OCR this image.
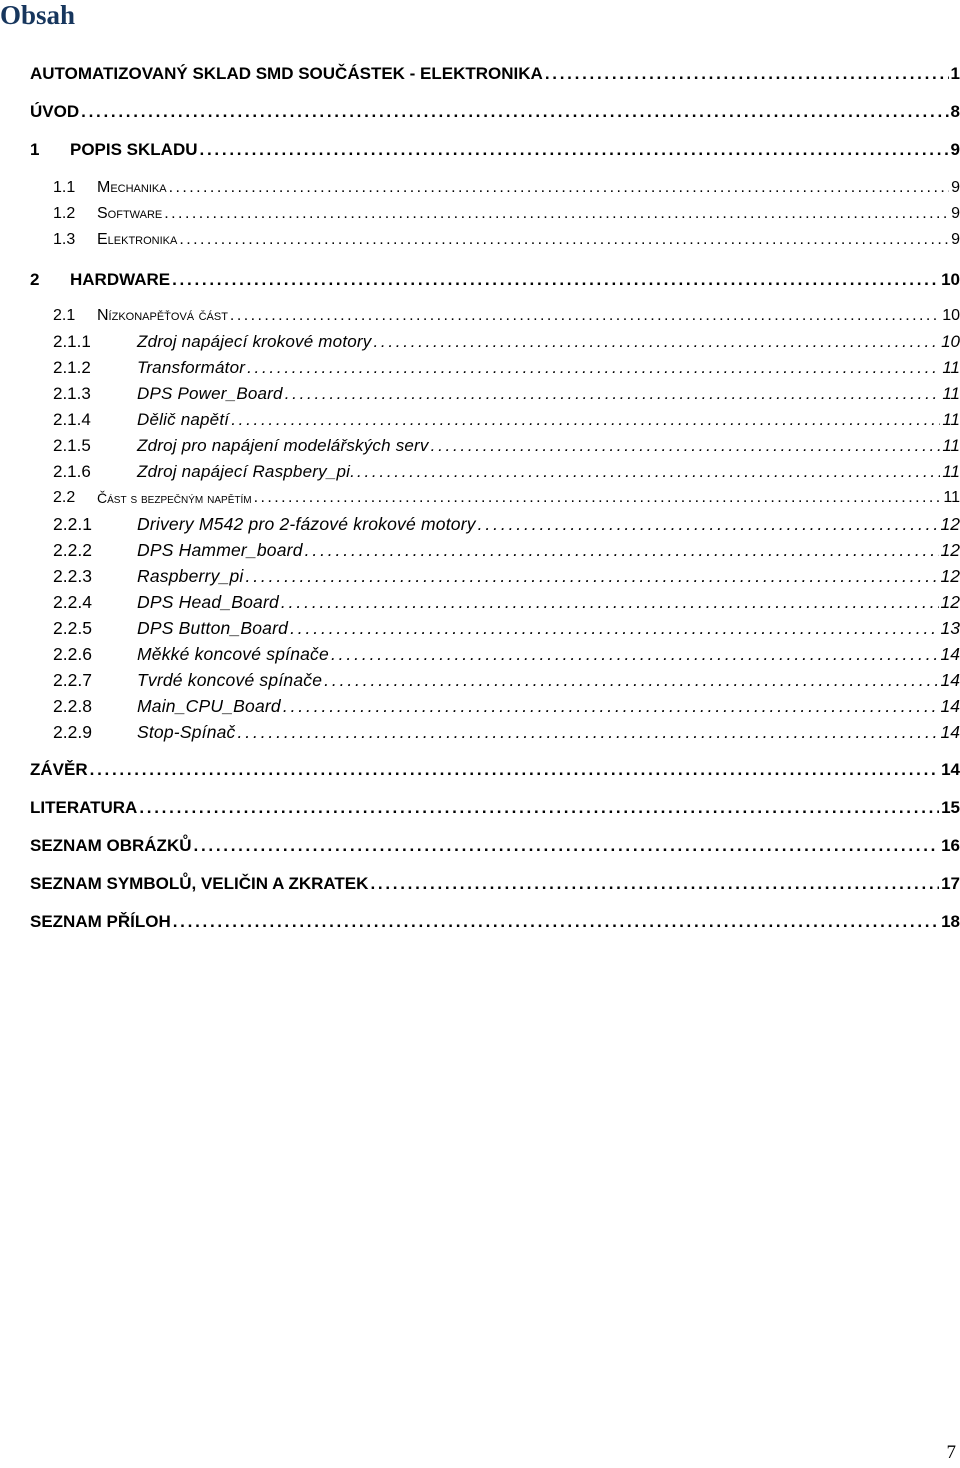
Obsah
AUTOMATIZOVANÝ SKLAD SMD SOUČÁSTEK - ELEKTRONIKA . . .	1
ÚVOD . . .	8
1	POPIS SKLADU . . .	9
1.1	Mechanika . . .	9
1.2	Software . . .	9
1.3	Elektronika . . .	9
2	HARDWARE . . .	10
2.1	Nízkonapěťová část . . .	10
2.1.1	Zdroj napájecí krokové motory . . .	10
2.1.2	Transformátor . . .	11
2.1.3	DPS Power_Board . . .	11
2.1.4	Dělič napětí . . .	11
2.1.5	Zdroj pro napájení modelářských serv . . .	11
2.1.6	Zdroj napájecí Raspbery_pi. . . .	11
2.2	Část s bezpečným napětím . . .	11
2.2.1	Drivery M542 pro 2-fázové krokové motory . . .	12
2.2.2	DPS Hammer_board . . .	12
2.2.3	Raspberry_pi . . .	12
2.2.4	DPS Head_Board . . .	12
2.2.5	DPS Button_Board . . .	13
2.2.6	Měkké koncové spínače . . .	14
2.2.7	Tvrdé koncové spínače . . .	14
2.2.8	Main_CPU_Board . . .	14
2.2.9	Stop-Spínač . . .	14
ZÁVĚR . . .	14
LITERATURA . . .	15
SEZNAM OBRÁZKŮ . . .	16
SEZNAM SYMBOLŮ, VELIČIN A ZKRATEK . . .	17
SEZNAM PŘÍLOH . . .	18
7
